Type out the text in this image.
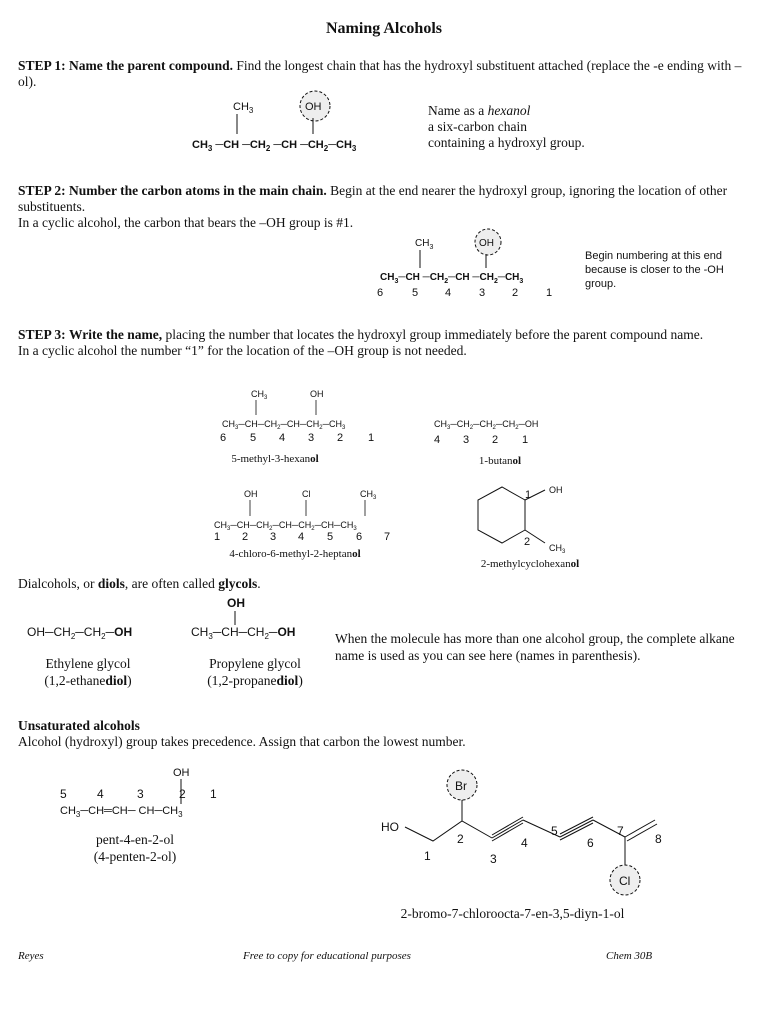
Naming Alcohols
STEP 1: Name the parent compound. Find the longest chain that has the hydroxyl substituent attached (replace the -e ending with –ol).
$CH_3$	OH
$CH_3$ ─CH $─CH_2$ ─CH $─CH_2─CH_3$
Name as a hexanol
a six-carbon chain
containing a hydroxyl group.
STEP 2: Number the carbon atoms in the main chain. Begin at the end nearer the hydroxyl group, ignoring the location of other substituents.
In a cyclic alcohol, the carbon that bears the –OH group is #1.
$CH_3$	OH
$CH_3─CH$ $─CH_2─CH$ $─CH_2─CH_3$
6	5 4	3 2	1
Begin numbering at this end because is closer to the -OH group.
STEP 3: Write the name, placing the number that locates the hydroxyl group immediately before the parent compound name.
In a cyclic alcohol the number “1” for the location of the –OH group is not needed.
$CH_3$	OH
$CH_3─CH─CH_2─CH─CH_2─CH_3$
6 5 4 3 2 1
5-methyl-3-hexanol
$CH_3─CH_2─CH_2─CH_2─OH$
4 3 2 1
1-butanol
OH	Cl	$CH_3$
$CH_3─CH─CH_2─CH─CH_2─CH─CH_3$
1 2 3 4 5 6 7
4-chloro-6-methyl-2-heptanol
1 OH
2 $CH_3$
2-methylcyclohexanol
Dialcohols, or diols, are often called glycols.
$OH─CH_2─CH_2─OH$
OH
$CH_3─CH─CH_2─OH$
Ethylene glycol
(1,2-ethanediol)
Propylene glycol
(1,2-propanediol)
When the molecule has more than one alcohol group, the complete alkane name is used as you can see here (names in parenthesis).
Unsaturated alcohols
Alcohol (hydroxyl) group takes precedence. Assign that carbon the lowest number.
OH
5	4	3	2 1
$CH_3─CH═CH─$ $CH─CH_3$
pent-4-en-2-ol
(4-penten-2-ol)
Br
HO
Cl
1
2
3
4
5
6
7
8
2-bromo-7-chloroocta-7-en-3,5-diyn-1-ol
Reyes	Free to copy for educational purposes	Chem 30B
